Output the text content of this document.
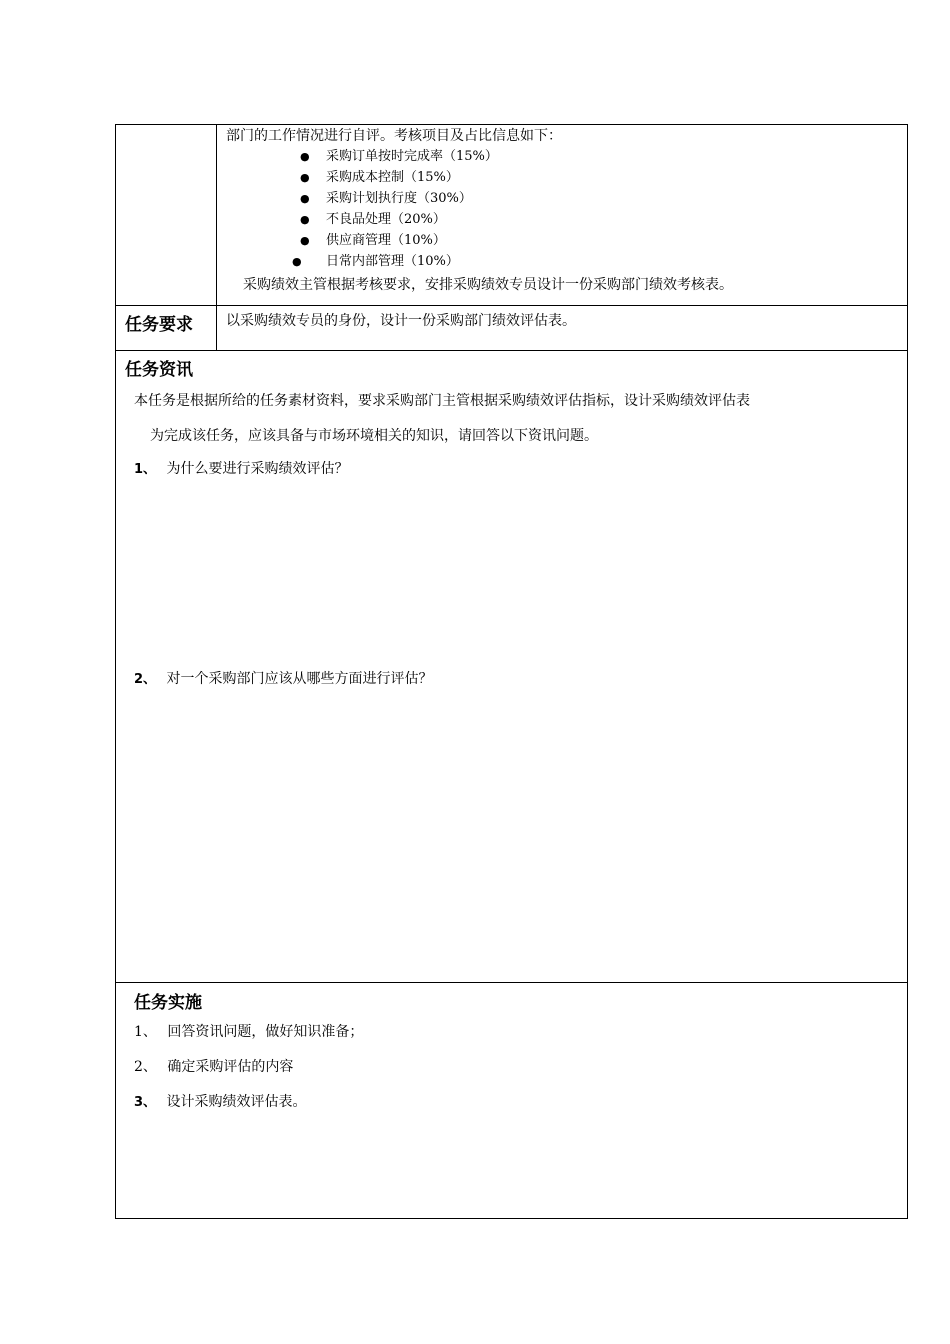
部门的工作情况进行自评。考核项目及占比信息如下：
● 采购订单按时完成率（15%）
● 采购成本控制（15%）
● 采购计划执行度（30%）
● 不良品处理（20%）
● 供应商管理（10%）
● 日常内部管理（10%）
采购绩效主管根据考核要求，安排采购绩效专员设计一份采购部门绩效考核表。
任务要求 以采购绩效专员的身份，设计一份采购部门绩效评估表。
任务资讯
本任务是根据所给的任务素材资料，要求采购部门主管根据采购绩效评估指标，设计采购绩效评估表
为完成该任务，应该具备与市场环境相关的知识，请回答以下资讯问题。
1、 为什么要进行采购绩效评估？
2、 对一个采购部门应该从哪些方面进行评估？
任务实施
1、 回答资讯问题，做好知识准备；
2、 确定采购评估的内容
3、 设计采购绩效评估表。
